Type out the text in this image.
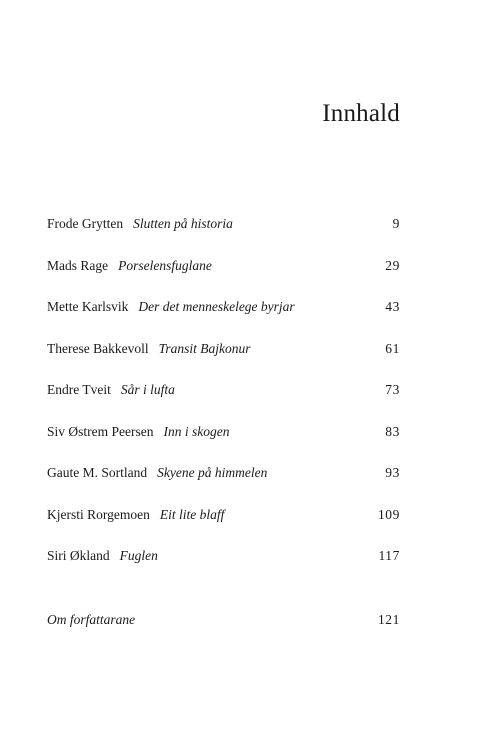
Innhald
Frode Grytten Slutten på historia	9
Mads Rage Porselensfuglane	29
Mette Karlsvik Der det menneskelege byrjar	43
Therese Bakkevoll Transit Bajkonur	61
Endre Tveit Sår i lufta	73
Siv Østrem Peersen Inn i skogen	83
Gaute M. Sortland Skyene på himmelen	93
Kjersti Rorgemoen Eit lite blaff	109
Siri Økland Fuglen	117
Om forfattarane	121
